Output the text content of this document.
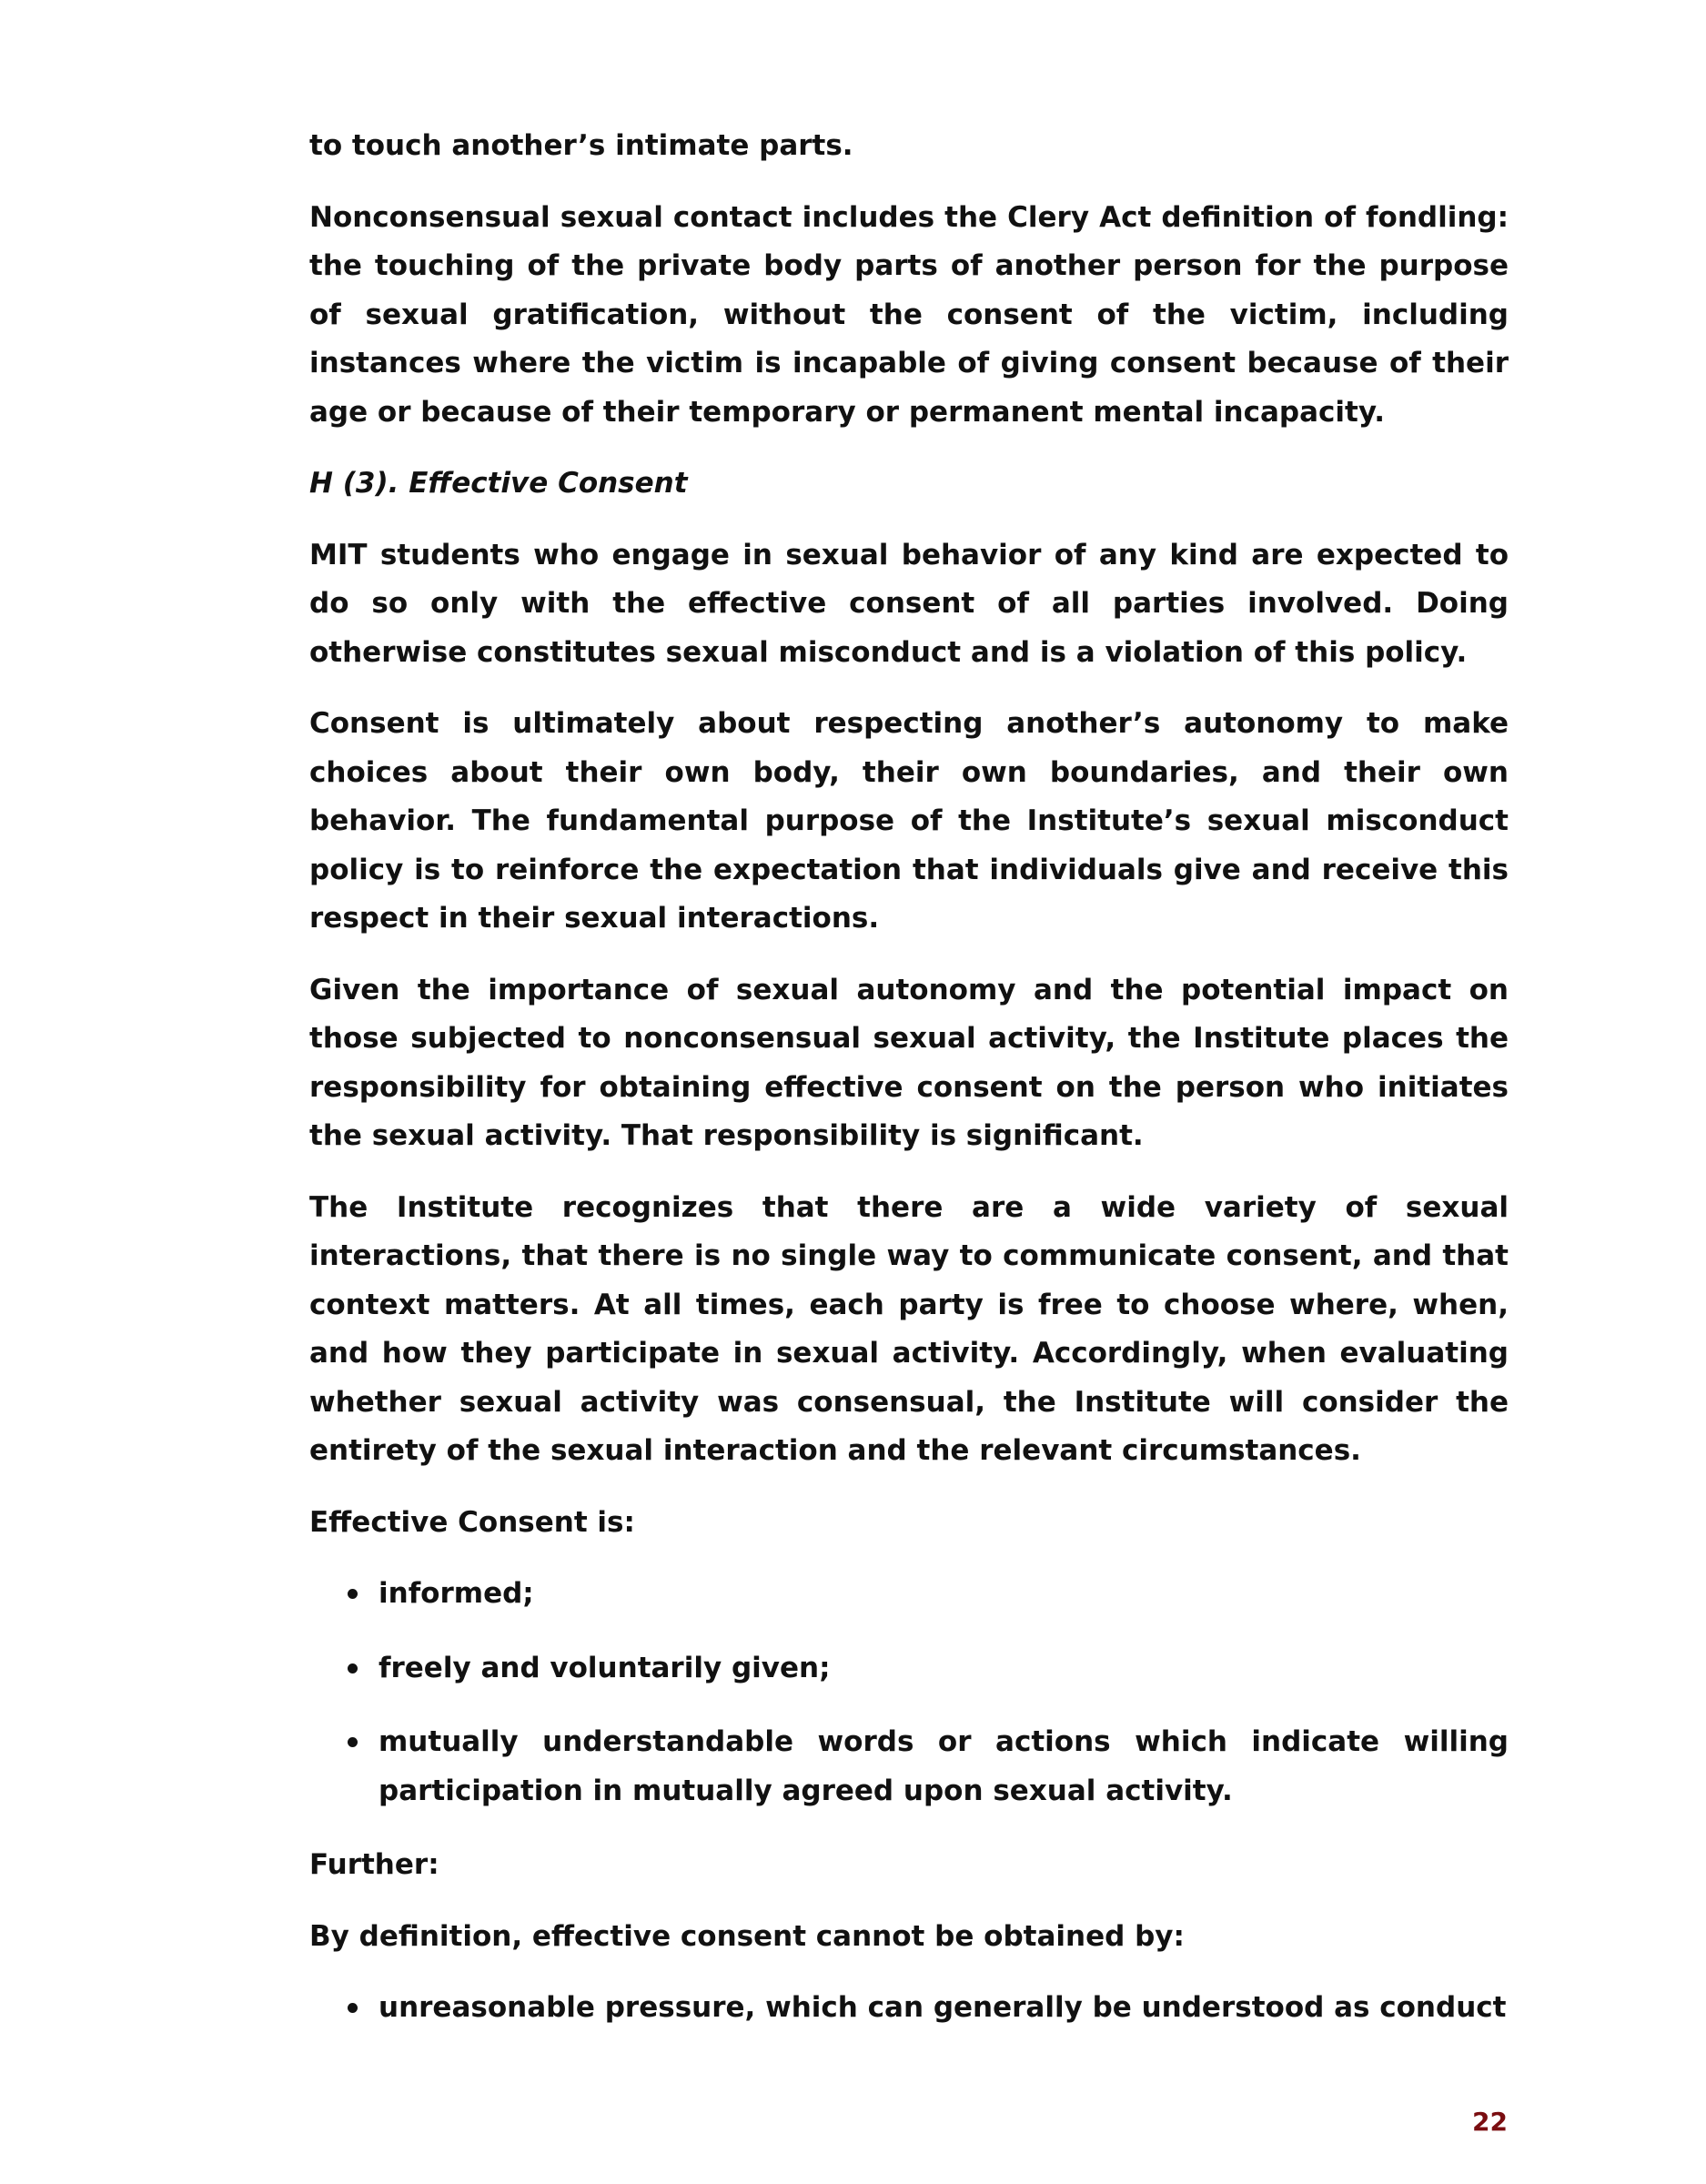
to touch another’s intimate parts.

Nonconsensual sexual contact includes the Clery Act definition of fondling: the touching of the private body parts of another person for the purpose of sexual gratification, without the consent of the victim, including instances where the victim is incapable of giving consent because of their age or because of their temporary or permanent mental incapacity.

H (3). Effective Consent

MIT students who engage in sexual behavior of any kind are expected to do so only with the effective consent of all parties involved. Doing otherwise constitutes sexual misconduct and is a violation of this policy.

Consent is ultimately about respecting another’s autonomy to make choices about their own body, their own boundaries, and their own behavior. The fundamental purpose of the Institute’s sexual misconduct policy is to reinforce the expectation that individuals give and receive this respect in their sexual interactions.

Given the importance of sexual autonomy and the potential impact on those subjected to nonconsensual sexual activity, the Institute places the responsibility for obtaining effective consent on the person who initiates the sexual activity. That responsibility is significant.

The Institute recognizes that there are a wide variety of sexual interactions, that there is no single way to communicate consent, and that context matters. At all times, each party is free to choose where, when, and how they participate in sexual activity. Accordingly, when evaluating whether sexual activity was consensual, the Institute will consider the entirety of the sexual interaction and the relevant circumstances.

Effective Consent is:

informed;
freely and voluntarily given;
mutually understandable words or actions which indicate willing participation in mutually agreed upon sexual activity.

Further:

By definition, effective consent cannot be obtained by:

unreasonable pressure, which can generally be understood as conduct
22
